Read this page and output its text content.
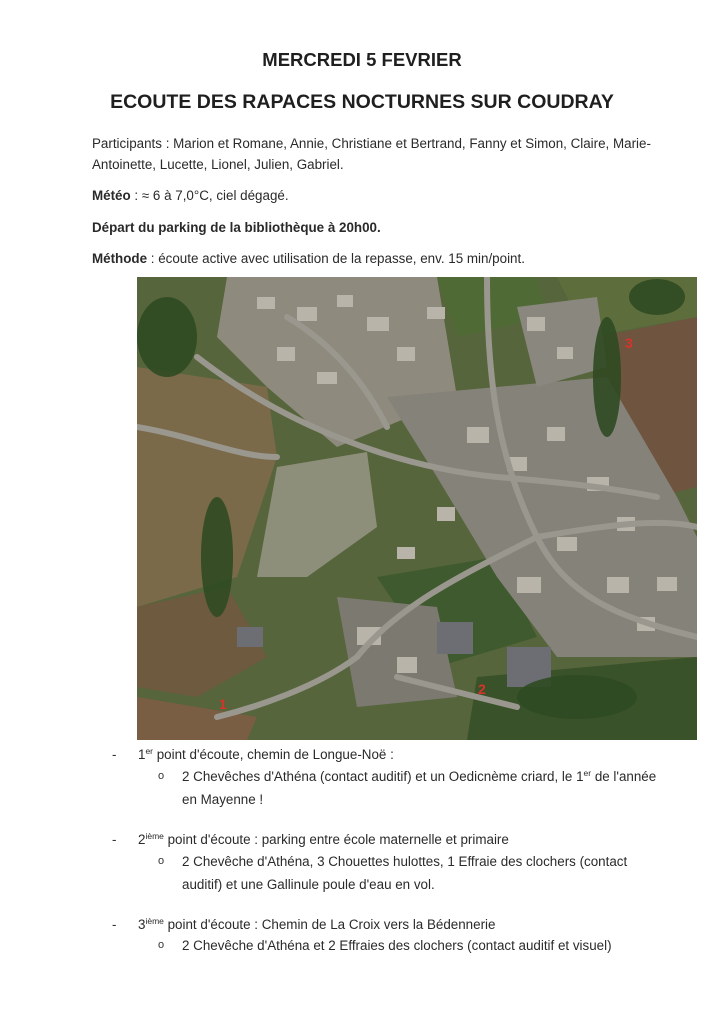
MERCREDI 5 FEVRIER
ECOUTE DES RAPACES NOCTURNES SUR COUDRAY
Participants : Marion et Romane, Annie, Christiane et Bertrand, Fanny et Simon, Claire, Marie-Antoinette, Lucette, Lionel, Julien, Gabriel.
Météo : ≈ 6 à 7,0°C, ciel dégagé.
Départ du parking de la bibliothèque à 20h00.
Méthode : écoute active avec utilisation de la repasse, env. 15 min/point.
1
2
3
- 1er point d'écoute, chemin de Longue-Noë :
o 2 Chevêches d'Athéna (contact auditif) et un Oedicnème criard, le 1er de l'année en Mayenne !
- 2ième point d'écoute : parking entre école maternelle et primaire
o 2 Chevêche d'Athéna, 3 Chouettes hulottes, 1 Effraie des clochers (contact auditif) et une Gallinule poule d'eau en vol.
- 3ième point d'écoute : Chemin de La Croix vers la Bédennerie
o 2 Chevêche d'Athéna et 2 Effraies des clochers (contact auditif et visuel)
